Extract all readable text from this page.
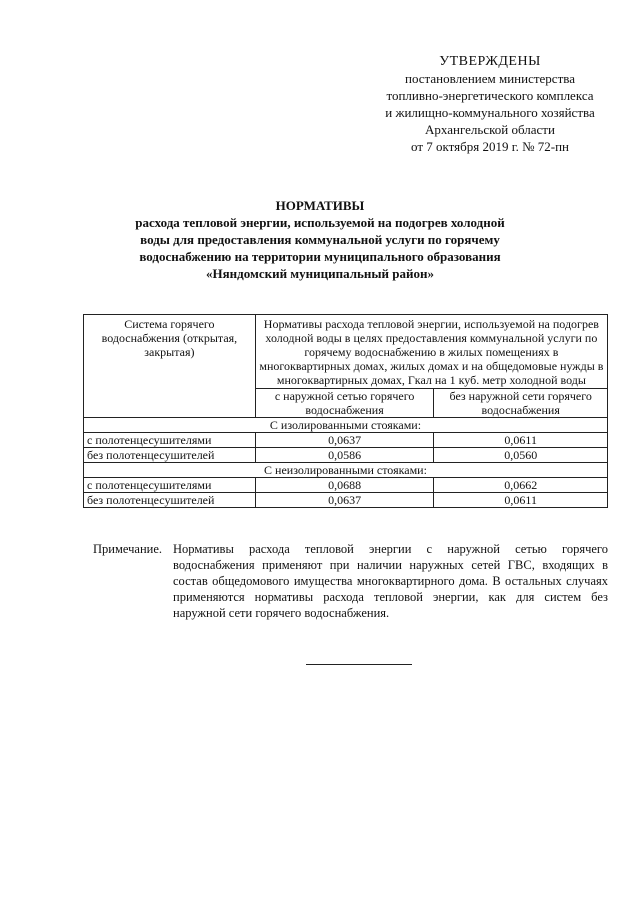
УТВЕРЖДЕНЫ
постановлением министерства
топливно-энергетического комплекса
и жилищно-коммунального хозяйства
Архангельской области
от 7 октября 2019 г. № 72-пн
НОРМАТИВЫ
расхода тепловой энергии, используемой на подогрев холодной
воды для предоставления коммунальной услуги по горячему
водоснабжению на территории муниципального образования
«Няндомский муниципальный район»
Система горячего водоснабжения (открытая, закрытая)	Нормативы расхода тепловой энергии, используемой на подогрев холодной воды в целях предоставления коммунальной услуги по горячему водоснабжению в жилых помещениях в многоквартирных домах, жилых домах и на общедомовые нужды в многоквартирных домах, Гкал на 1 куб. метр холодной воды	
	с наружной сетью горячего водоснабжения	без наружной сети горячего водоснабжения
С изолированными стояками:		
с полотенцесушителями	0,0637	0,0611
без полотенцесушителей	0,0586	0,0560
С неизолированными стояками:		
с полотенцесушителями	0,0688	0,0662
без полотенцесушителей	0,0637	0,0611
Примечание. Нормативы расхода тепловой энергии с наружной сетью горячего водоснабжения применяют при наличии наружных сетей ГВС, входящих в состав общедомового имущества многоквартирного дома. В остальных случаях применяются нормативы расхода тепловой энергии, как для систем без наружной сети горячего водоснабжения.
